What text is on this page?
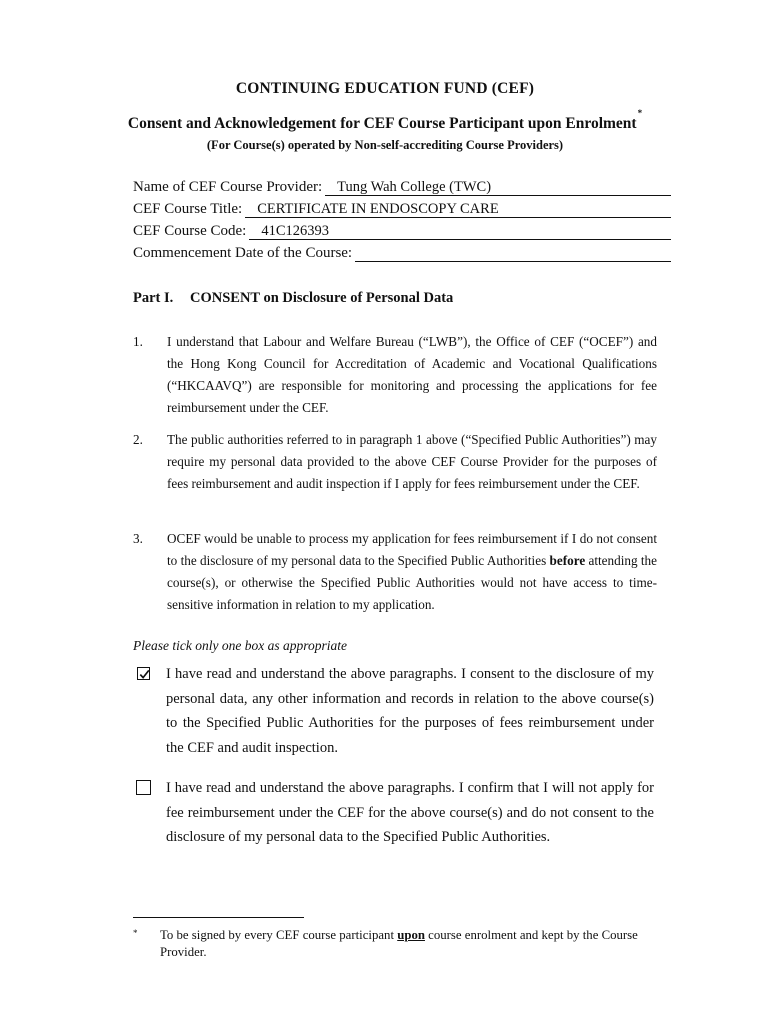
CONTINUING EDUCATION FUND (CEF)
Consent and Acknowledgement for CEF Course Participant upon Enrolment*
(For Course(s) operated by Non-self-accrediting Course Providers)
Name of CEF Course Provider: Tung Wah College (TWC)
CEF Course Title: CERTIFICATE IN ENDOSCOPY CARE
CEF Course Code: 41C126393
Commencement Date of the Course:
Part I. CONSENT on Disclosure of Personal Data
1. I understand that Labour and Welfare Bureau (“LWB”), the Office of CEF (“OCEF”) and the Hong Kong Council for Accreditation of Academic and Vocational Qualifications (“HKCAAVQ”) are responsible for monitoring and processing the applications for fee reimbursement under the CEF.
2. The public authorities referred to in paragraph 1 above (“Specified Public Authorities”) may require my personal data provided to the above CEF Course Provider for the purposes of fees reimbursement and audit inspection if I apply for fees reimbursement under the CEF.
3. OCEF would be unable to process my application for fees reimbursement if I do not consent to the disclosure of my personal data to the Specified Public Authorities before attending the course(s), or otherwise the Specified Public Authorities would not have access to time-sensitive information in relation to my application.
Please tick only one box as appropriate
I have read and understand the above paragraphs. I consent to the disclosure of my personal data, any other information and records in relation to the above course(s) to the Specified Public Authorities for the purposes of fees reimbursement under the CEF and audit inspection.
I have read and understand the above paragraphs. I confirm that I will not apply for fee reimbursement under the CEF for the above course(s) and do not consent to the disclosure of my personal data to the Specified Public Authorities.
* To be signed by every CEF course participant upon course enrolment and kept by the Course Provider.
